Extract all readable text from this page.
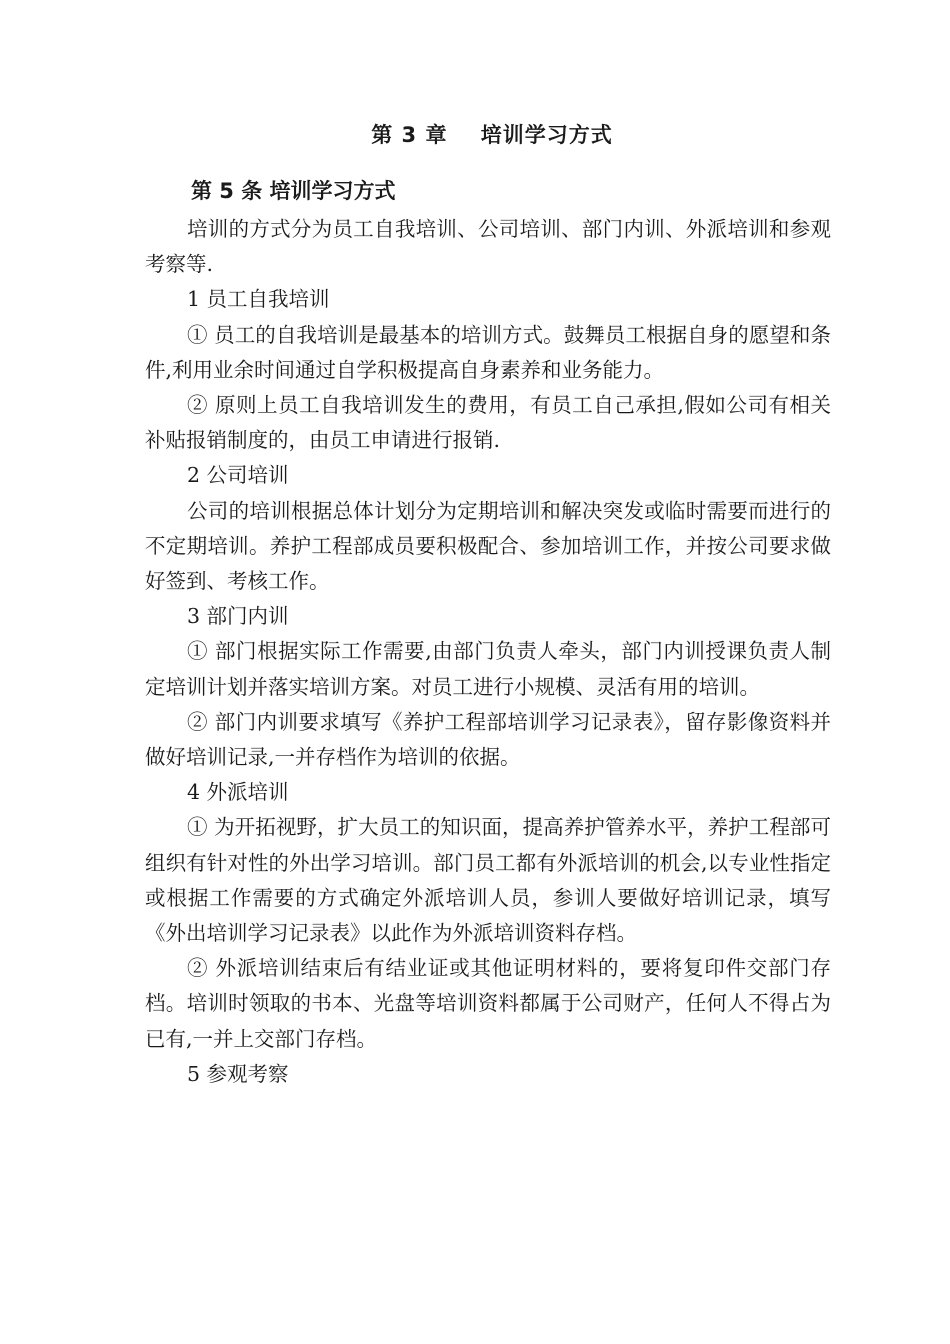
第 3 章    培训学习方式
第 5 条 培训学习方式

培训的方式分为员工自我培训、公司培训、部门内训、外派培训和参观考察等.

1 员工自我培训

① 员工的自我培训是最基本的培训方式。鼓舞员工根据自身的愿望和条件,利用业余时间通过自学积极提高自身素养和业务能力。

② 原则上员工自我培训发生的费用，有员工自己承担,假如公司有相关补贴报销制度的，由员工申请进行报销.

2 公司培训

公司的培训根据总体计划分为定期培训和解决突发或临时需要而进行的不定期培训。养护工程部成员要积极配合、参加培训工作，并按公司要求做好签到、考核工作。

3 部门内训

① 部门根据实际工作需要,由部门负责人牵头，部门内训授课负责人制定培训计划并落实培训方案。对员工进行小规模、灵活有用的培训。

② 部门内训要求填写《养护工程部培训学习记录表》，留存影像资料并做好培训记录,一并存档作为培训的依据。

4 外派培训

① 为开拓视野，扩大员工的知识面，提高养护管养水平，养护工程部可组织有针对性的外出学习培训。部门员工都有外派培训的机会,以专业性指定或根据工作需要的方式确定外派培训人员，参训人要做好培训记录，填写《外出培训学习记录表》以此作为外派培训资料存档。

② 外派培训结束后有结业证或其他证明材料的，要将复印件交部门存档。培训时领取的书本、光盘等培训资料都属于公司财产，任何人不得占为已有,一并上交部门存档。

5 参观考察
